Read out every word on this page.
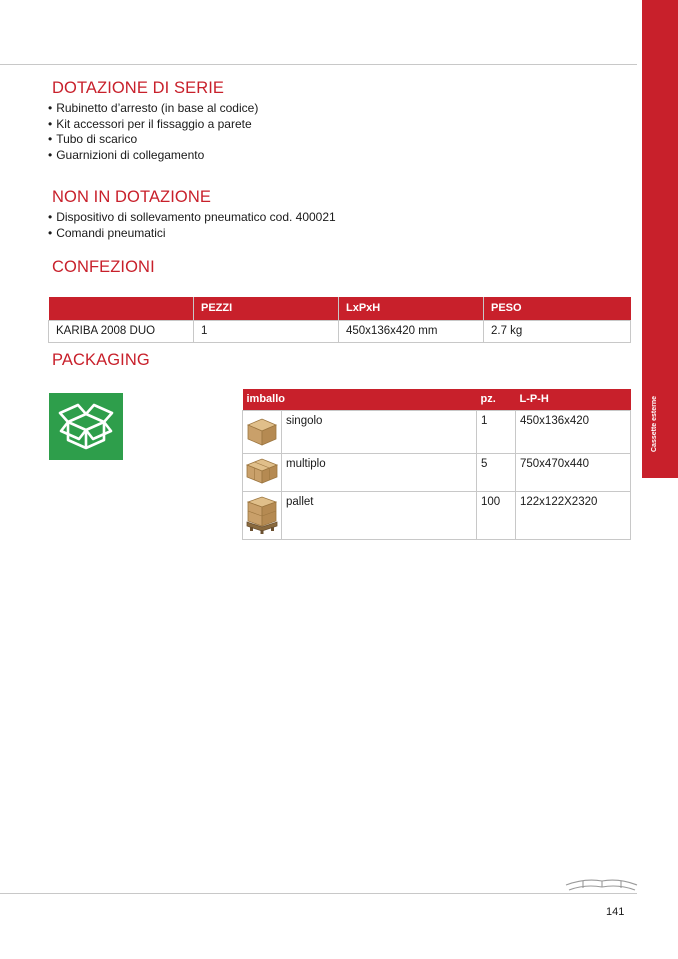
DOTAZIONE DI SERIE
• Rubinetto d’arresto (in base al codice)
• Kit accessori per il fissaggio a parete
• Tubo di scarico
• Guarnizioni di collegamento
NON IN DOTAZIONE
• Dispositivo di sollevamento pneumatico cod. 400021
• Comandi pneumatici
CONFEZIONI
	PEZZI	LxPxH	PESO
KARIBA 2008 DUO	1	450x136x420 mm	2.7 kg
PACKAGING
imballo		pz.	L-P-H
	singolo	1	450x136x420
	multiplo	5	750x470x440
	pallet	100	122x122X2320
141
